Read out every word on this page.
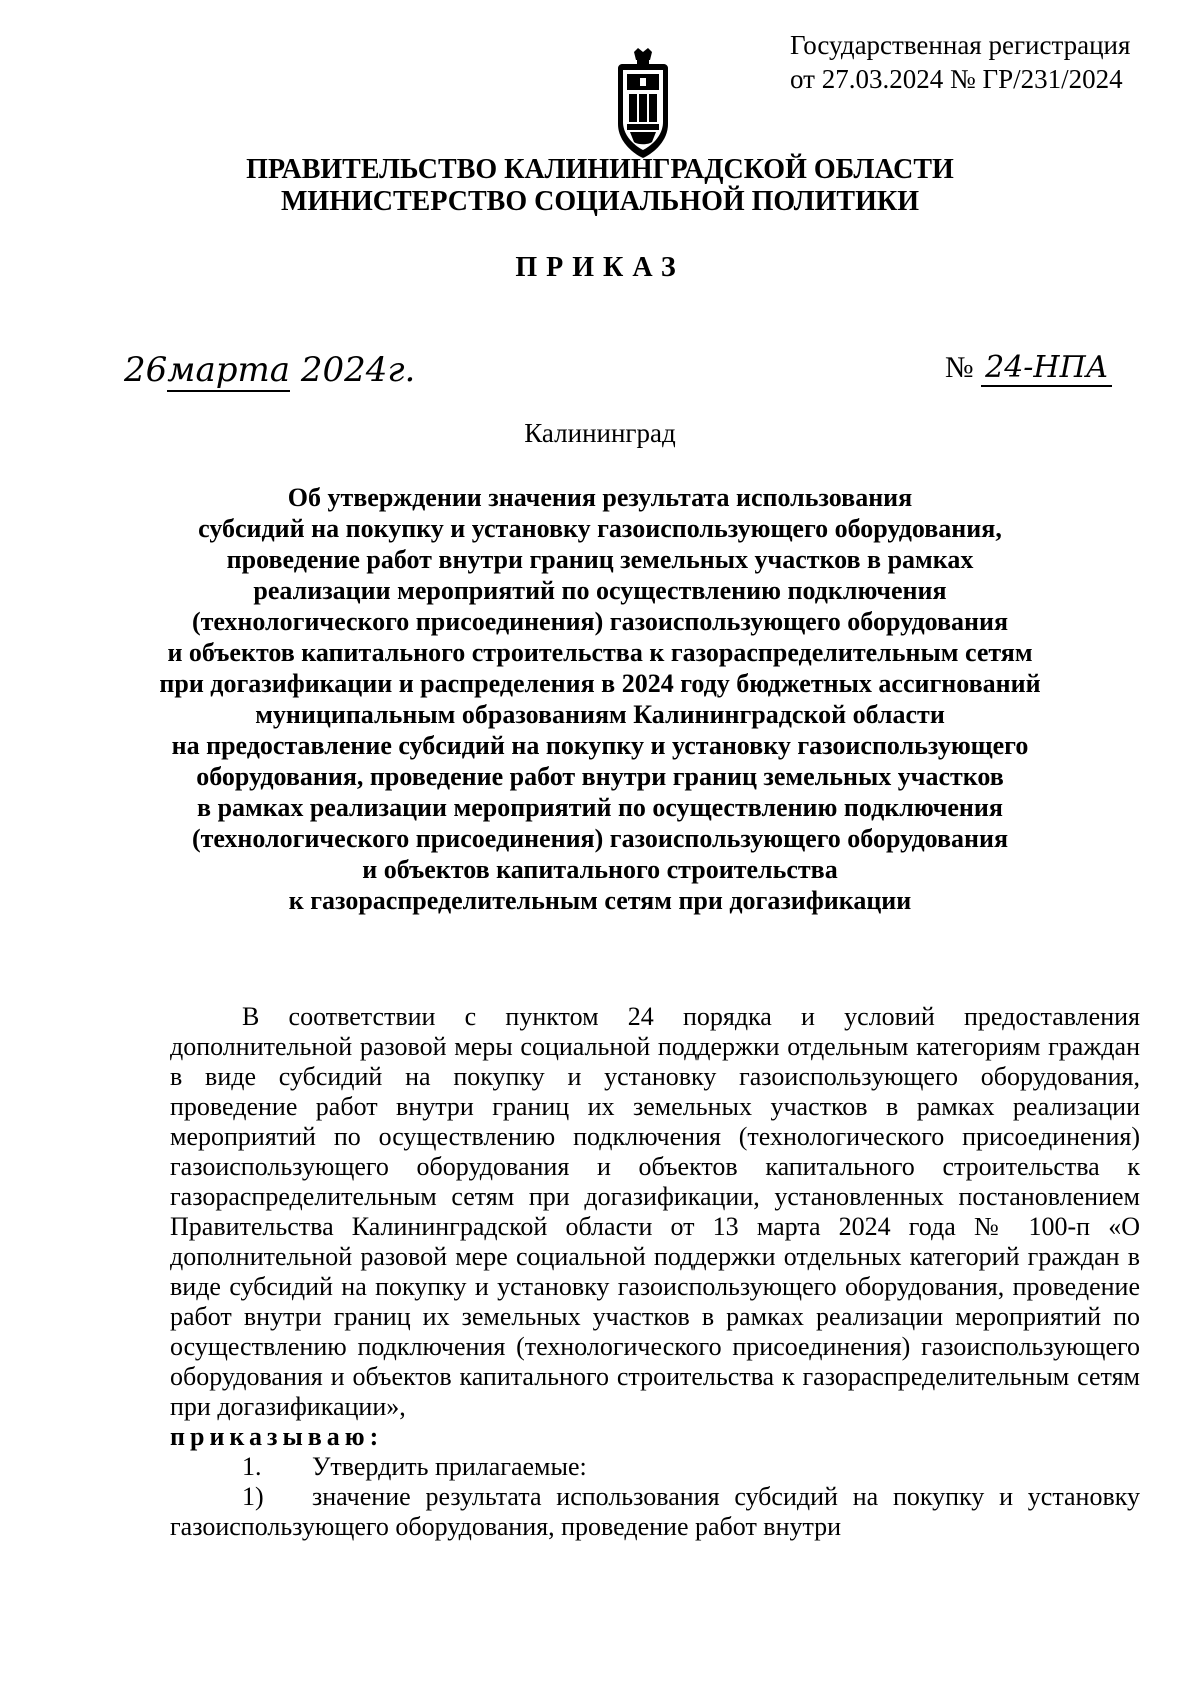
Государственная регистрация
от 27.03.2024 № ГР/231/2024
ПРАВИТЕЛЬСТВО КАЛИНИНГРАДСКОЙ ОБЛАСТИ
МИНИСТЕРСТВО СОЦИАЛЬНОЙ ПОЛИТИКИ
ПРИКАЗ
26марта 2024г.	№ 24-НПА
Калининград
Об утверждении значения результата использования
субсидий на покупку и установку газоиспользующего оборудования,
проведение работ внутри границ земельных участков в рамках
реализации мероприятий по осуществлению подключения
(технологического присоединения) газоиспользующего оборудования
и объектов капитального строительства к газораспределительным сетям
при догазификации и распределения в 2024 году бюджетных ассигнований
муниципальным образованиям Калининградской области
на предоставление субсидий на покупку и установку газоиспользующего
оборудования, проведение работ внутри границ земельных участков
в рамках реализации мероприятий по осуществлению подключения
(технологического присоединения) газоиспользующего оборудования
и объектов капитального строительства
к газораспределительным сетям при догазификации

В соответствии с пунктом 24 порядка и условий предоставления дополнительной разовой меры социальной поддержки отдельным категориям граждан в виде субсидий на покупку и установку газоиспользующего оборудования, проведение работ внутри границ их земельных участков в рамках реализации мероприятий по осуществлению подключения (технологического присоединения) газоиспользующего оборудования и объектов капитального строительства к газораспределительным сетям при догазификации, установленных постановлением Правительства Калининградской области от 13 марта 2024 года № 100-п «О дополнительной разовой мере социальной поддержки отдельных категорий граждан в виде субсидий на покупку и установку газоиспользующего оборудования, проведение работ внутри границ их земельных участков в рамках реализации мероприятий по осуществлению подключения (технологического присоединения) газоиспользующего оборудования и объектов капитального строительства к газораспределительным сетям при догазификации»,

приказываю:

1. Утвердить прилагаемые:

1) значение результата использования субсидий на покупку и установку газоиспользующего оборудования, проведение работ внутри
